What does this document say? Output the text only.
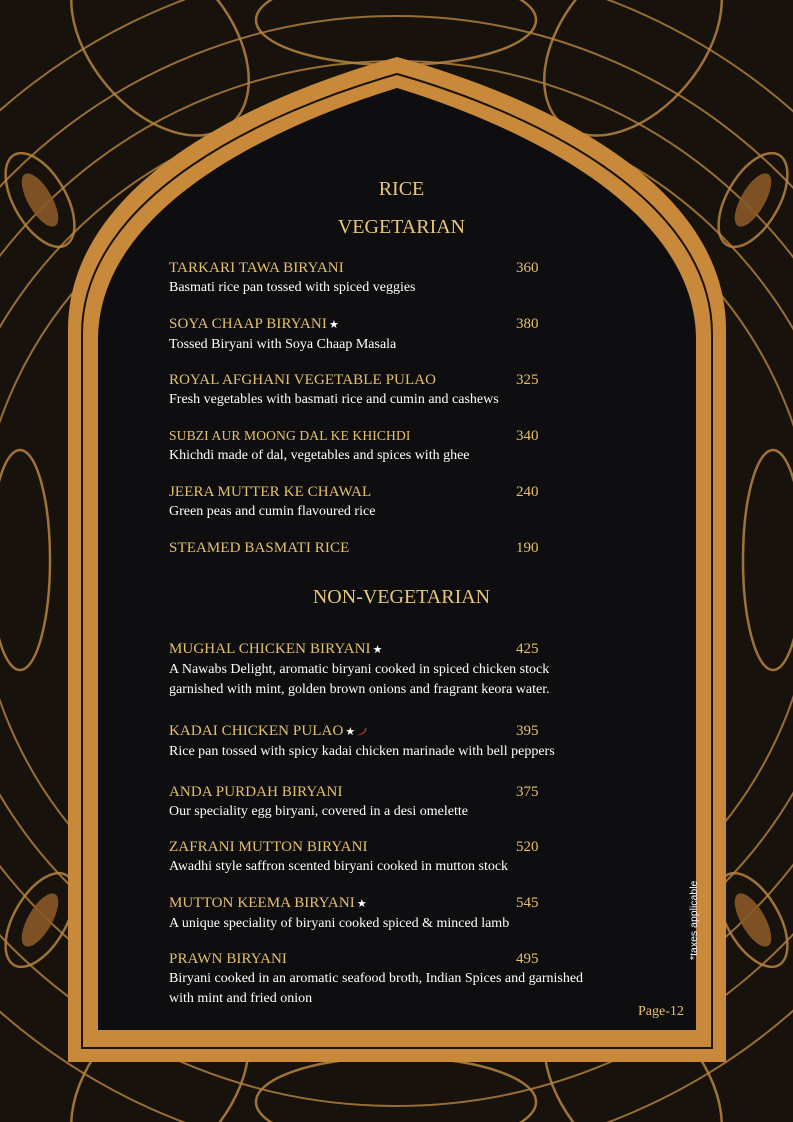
RICE
VEGETARIAN
TARKARI TAWA BIRYANI	360
Basmati rice pan tossed with spiced veggies
SOYA CHAAP BIRYANI ★	380
Tossed Biryani with Soya Chaap Masala
ROYAL AFGHANI VEGETABLE PULAO	325
Fresh vegetables with basmati rice and cumin and cashews
SUBZI AUR MOONG DAL KE KHICHDI	340
Khichdi made of dal, vegetables and spices with ghee
JEERA MUTTER KE CHAWAL	240
Green peas and cumin flavoured rice
STEAMED BASMATI RICE	190
NON-VEGETARIAN
MUGHAL CHICKEN BIRYANI ★	425
A Nawabs Delight, aromatic biryani cooked in spiced chicken stock
garnished with mint, golden brown onions and fragrant keora water.
KADAI CHICKEN PULAO ★	395
Rice pan tossed with spicy kadai chicken marinade with bell peppers
ANDA PURDAH BIRYANI	375
Our speciality egg biryani, covered in a desi omelette
ZAFRANI MUTTON BIRYANI	520
Awadhi style saffron scented biryani cooked in mutton stock
MUTTON KEEMA BIRYANI ★	545
A unique speciality of biryani cooked spiced & minced lamb
PRAWN BIRYANI	495
Biryani cooked in an aromatic seafood broth, Indian Spices and garnished
with mint and fried onion
*taxes applicable
Page-12
